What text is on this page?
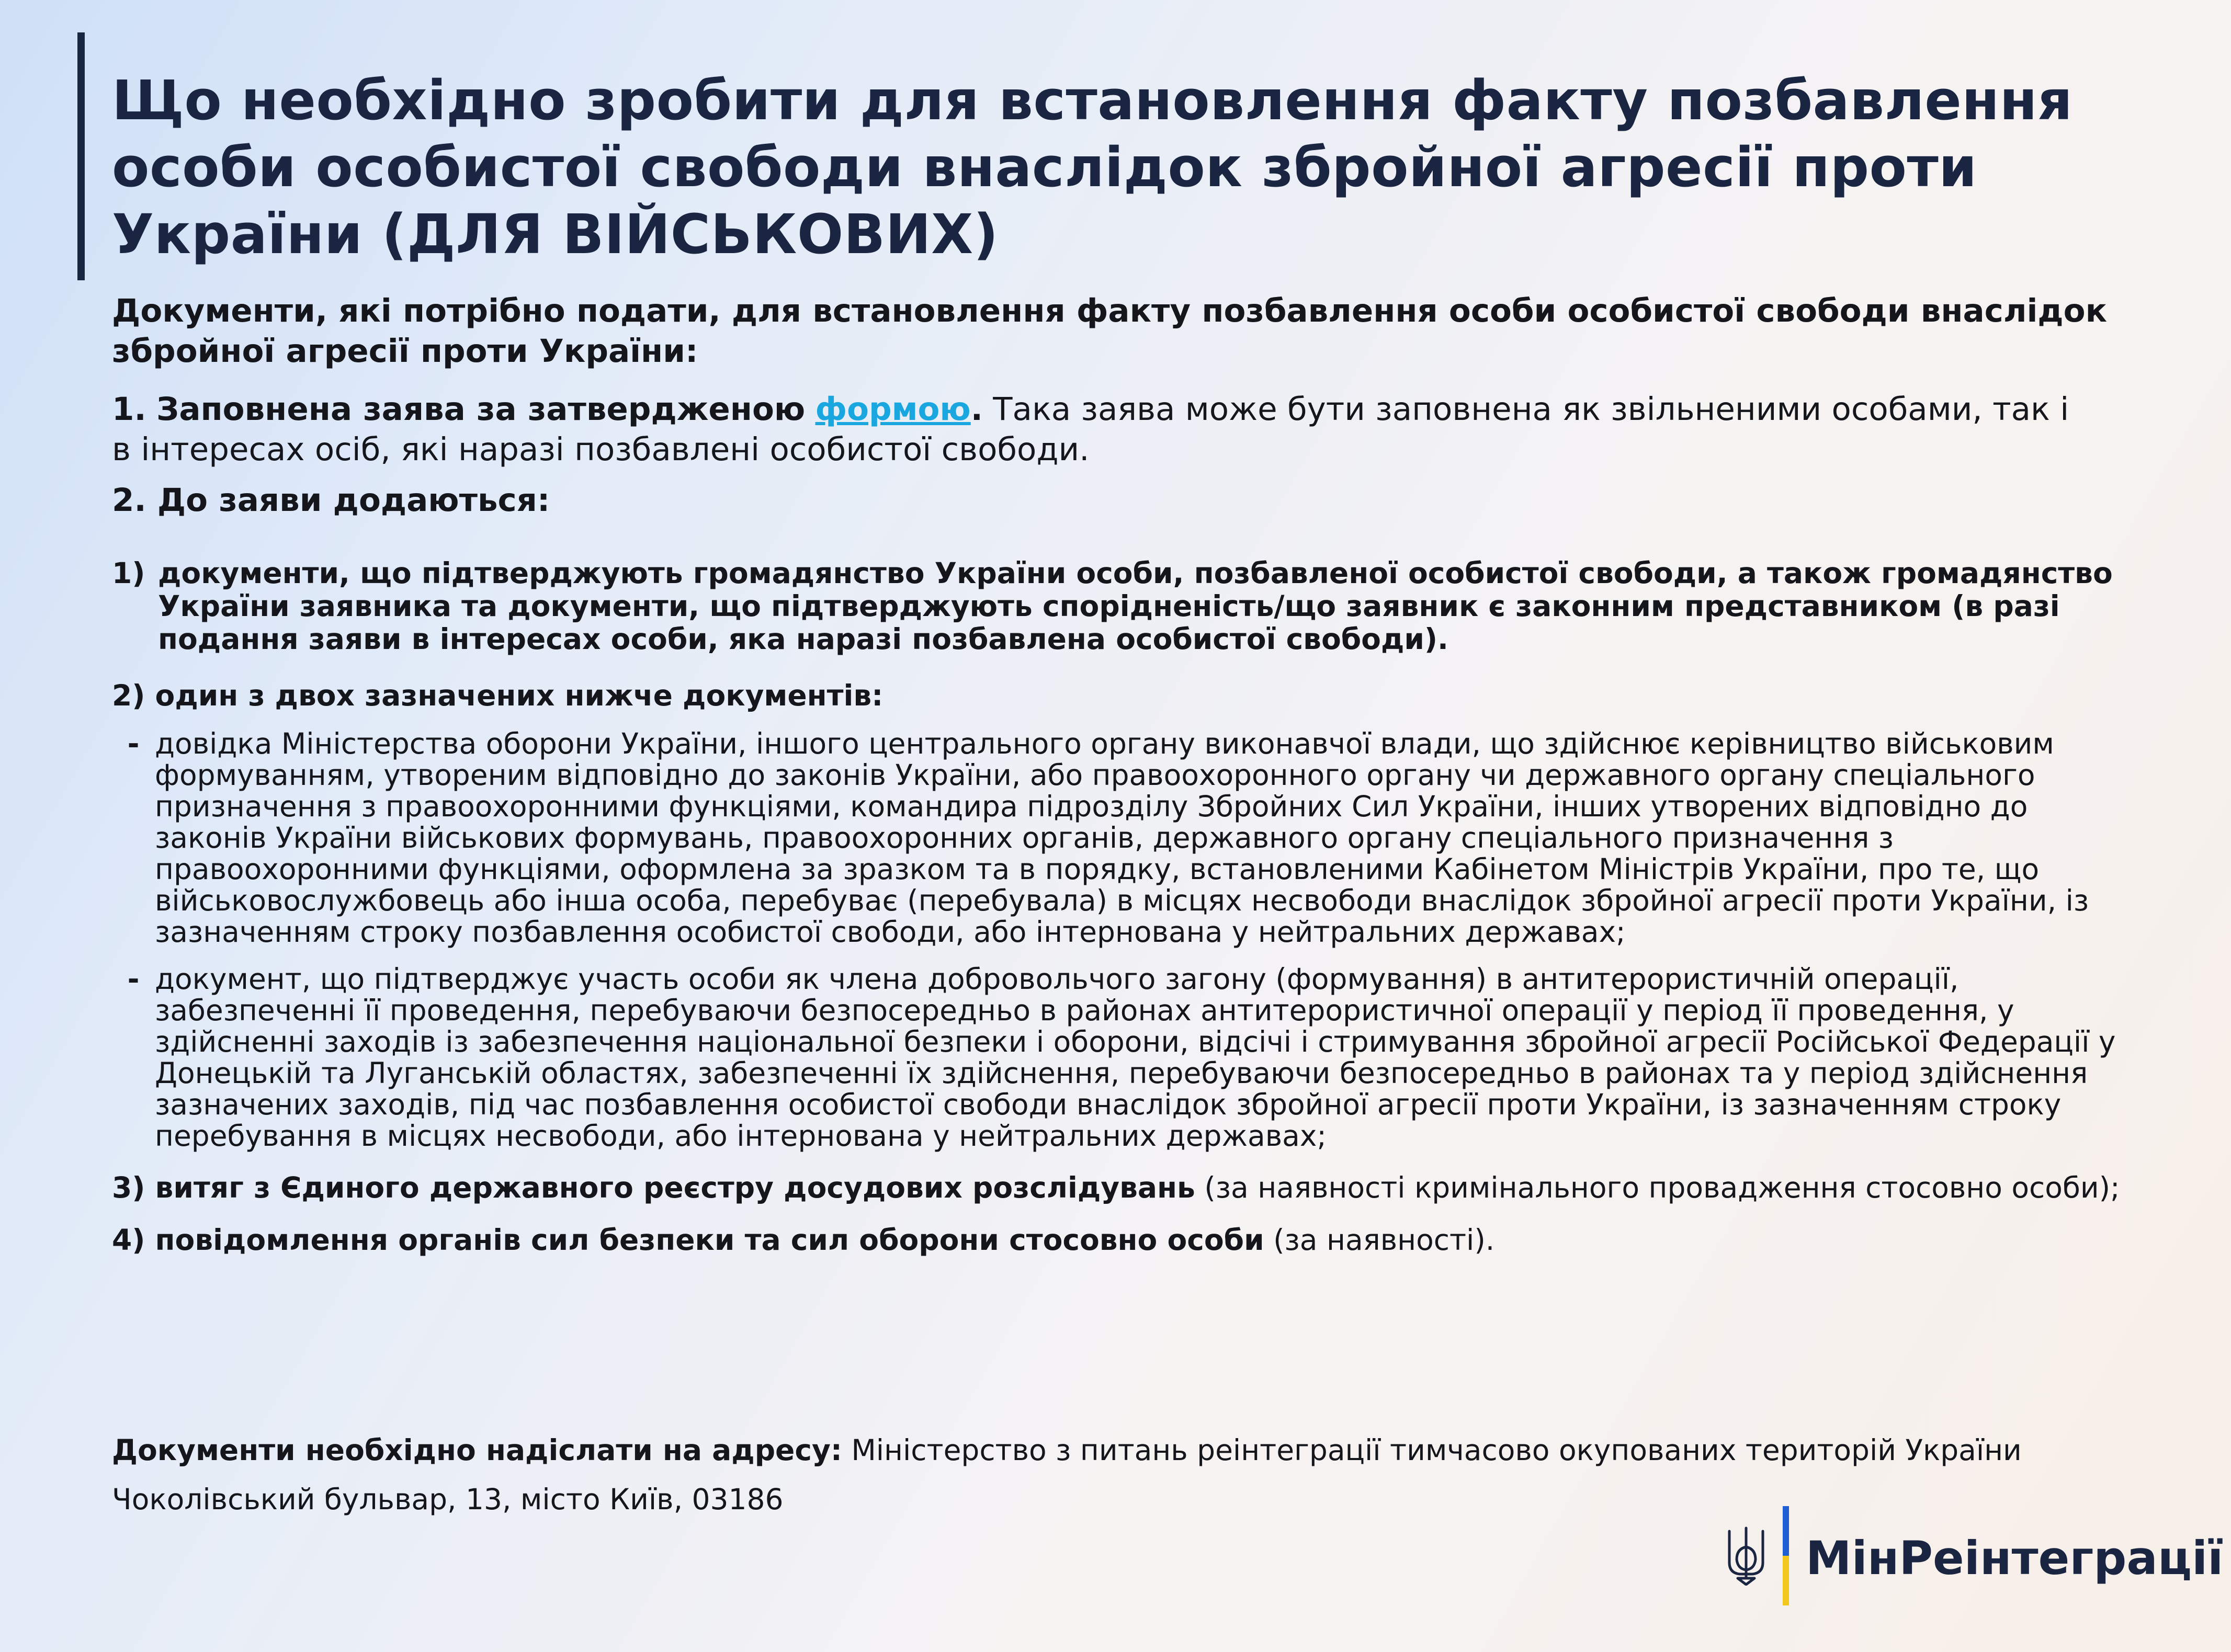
Що необхідно зробити для встановлення факту позбавлення особи особистої свободи внаслідок збройної агресії проти України (ДЛЯ ВІЙСЬКОВИХ)

Документи, які потрібно подати, для встановлення факту позбавлення особи особистої свободи внаслідок збройної агресії проти України:

1. Заповнена заява за затвердженою формою. Така заява може бути заповнена як звільненими особами, так і в інтересах осіб, які наразі позбавлені особистої свободи.

2. До заяви додаються:

1) документи, що підтверджують громадянство України особи, позбавленої особистої свободи, а також громадянство України заявника та документи, що підтверджують спорідненість/що заявник є законним представником (в разі подання заяви в інтересах особи, яка наразі позбавлена особистої свободи).

2) один з двох зазначених нижче документів:

- довідка Міністерства оборони України, іншого центрального органу виконавчої влади, що здійснює керівництво військовим формуванням, утвореним відповідно до законів України, або правоохоронного органу чи державного органу спеціального призначення з правоохоронними функціями, командира підрозділу Збройних Сил України, інших утворених відповідно до законів України військових формувань, правоохоронних органів, державного органу спеціального призначення з правоохоронними функціями, оформлена за зразком та в порядку, встановленими Кабінетом Міністрів України, про те, що військовослужбовець або інша особа, перебуває (перебувала) в місцях несвободи внаслідок збройної агресії проти України, із зазначенням строку позбавлення особистої свободи, або інтернована у нейтральних державах;
- документ, що підтверджує участь особи як члена добровольчого загону (формування) в антитерористичній операції, забезпеченні її проведення, перебуваючи безпосередньо в районах антитерористичної операції у період її проведення, у здійсненні заходів із забезпечення національної безпеки і оборони, відсічі і стримування збройної агресії Російської Федерації у Донецькій та Луганській областях, забезпеченні їх здійснення, перебуваючи безпосередньо в районах та у період здійснення зазначених заходів, під час позбавлення особистої свободи внаслідок збройної агресії проти України, із зазначенням строку перебування в місцях несвободи, або інтернована у нейтральних державах;

3) витяг з Єдиного державного реєстру досудових розслідувань (за наявності кримінального провадження стосовно особи);

4) повідомлення органів сил безпеки та сил оборони стосовно особи (за наявності).

Документи необхідно надіслати на адресу: Міністерство з питань реінтеграції тимчасово окупованих територій України

Чоколівський бульвар, 13, місто Київ, 03186

МінРеінтеграції
